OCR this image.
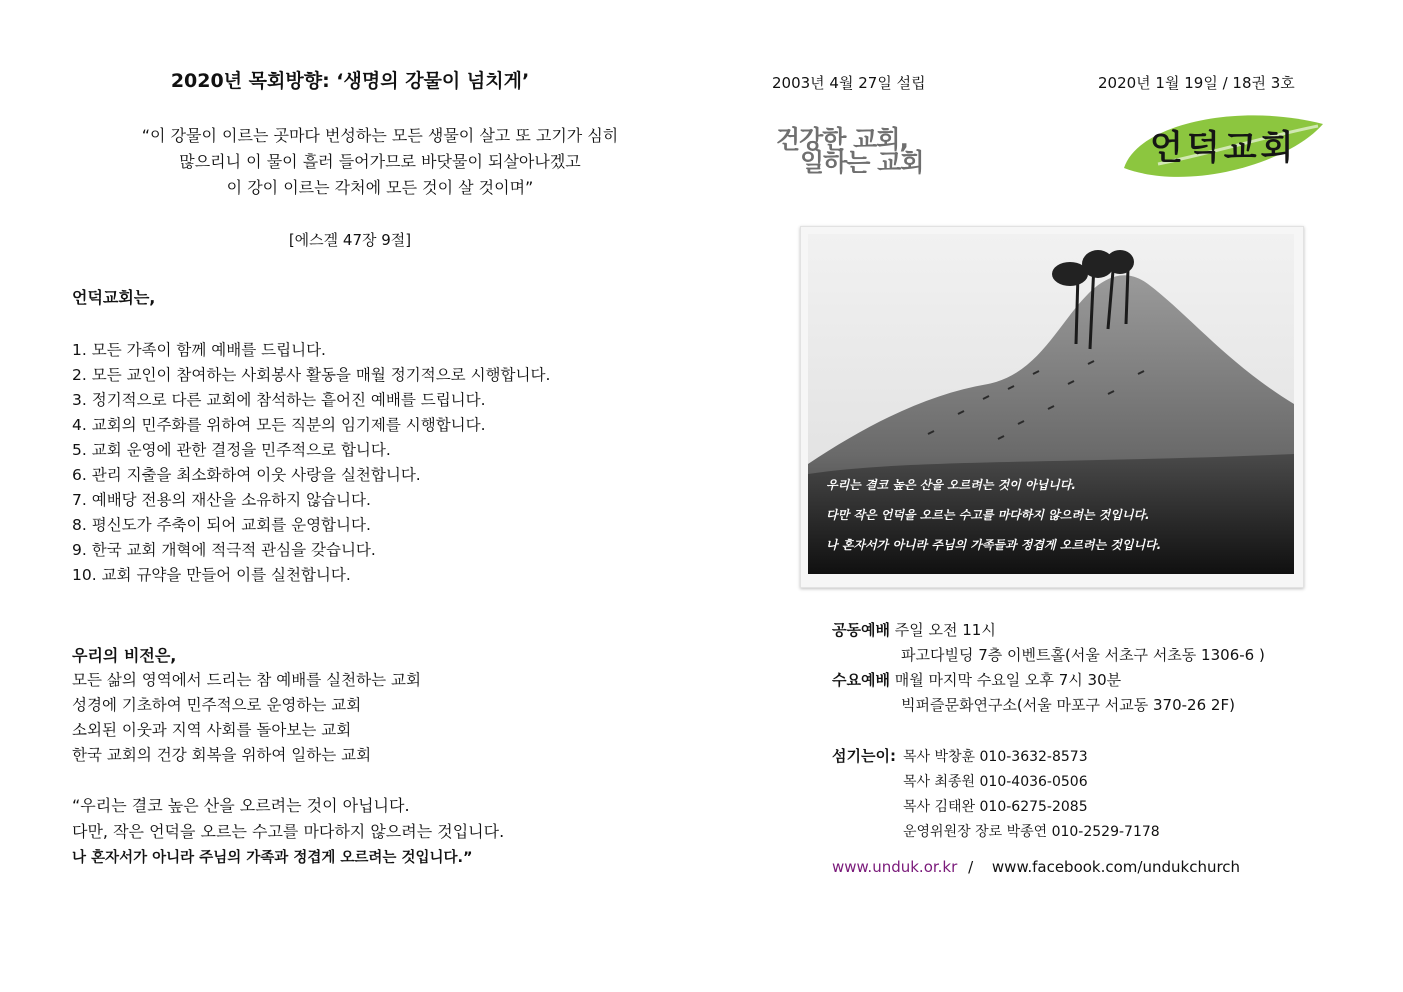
2020년 목회방향: ‘생명의 강물이 넘치게’
“이 강물이 이르는 곳마다 번성하는 모든 생물이 살고 또 고기가 심히
많으리니 이 물이 흘러 들어가므로 바닷물이 되살아나겠고
이 강이 이르는 각처에 모든 것이 살 것이며”
[에스겔 47장 9절]
언덕교회는,
1. 모든 가족이 함께 예배를 드립니다.
2. 모든 교인이 참여하는 사회봉사 활동을 매월 정기적으로 시행합니다.
3. 정기적으로 다른 교회에 참석하는 흩어진 예배를 드립니다.
4. 교회의 민주화를 위하여 모든 직분의 임기제를 시행합니다.
5. 교회 운영에 관한 결정을 민주적으로 합니다.
6. 관리 지출을 최소화하여 이웃 사랑을 실천합니다.
7. 예배당 전용의 재산을 소유하지 않습니다.
8. 평신도가 주축이 되어 교회를 운영합니다.
9. 한국 교회 개혁에 적극적 관심을 갖습니다.
10. 교회 규약을 만들어 이를 실천합니다.
우리의 비전은,
모든 삶의 영역에서 드리는 참 예배를 실천하는 교회
성경에 기초하여 민주적으로 운영하는 교회
소외된 이웃과 지역 사회를 돌아보는 교회
한국 교회의 건강 회복을 위하여 일하는 교회
“우리는 결코 높은 산을 오르려는 것이 아닙니다.
다만, 작은 언덕을 오르는 수고를 마다하지 않으려는 것입니다.
나 혼자서가 아니라 주님의 가족과 정겹게 오르려는 것입니다.”
2003년 4월 27일 설립	2020년 1월 19일 / 18권 3호
건강한 교회,
일하는 교회	언덕교회
우리는 결코 높은 산을 오르려는 것이 아닙니다.
다만 작은 언덕을 오르는 수고를 마다하지 않으려는 것입니다.
나 혼자서가 아니라 주님의 가족들과 정겹게 오르려는 것입니다.
공동예배 주일 오전 11시
파고다빌딩 7층 이벤트홀(서울 서초구 서초동 1306-6 )
수요예배 매월 마지막 수요일 오후 7시 30분
빅퍼즐문화연구소(서울 마포구 서교동 370-26 2F)
섬기는이: 목사 박창훈 010-3632-8573
목사 최종원 010-4036-0506
목사 김태완 010-6275-2085
운영위원장 장로 박종연 010-2529-7178
www.unduk.or.kr / www.facebook.com/undukchurch
